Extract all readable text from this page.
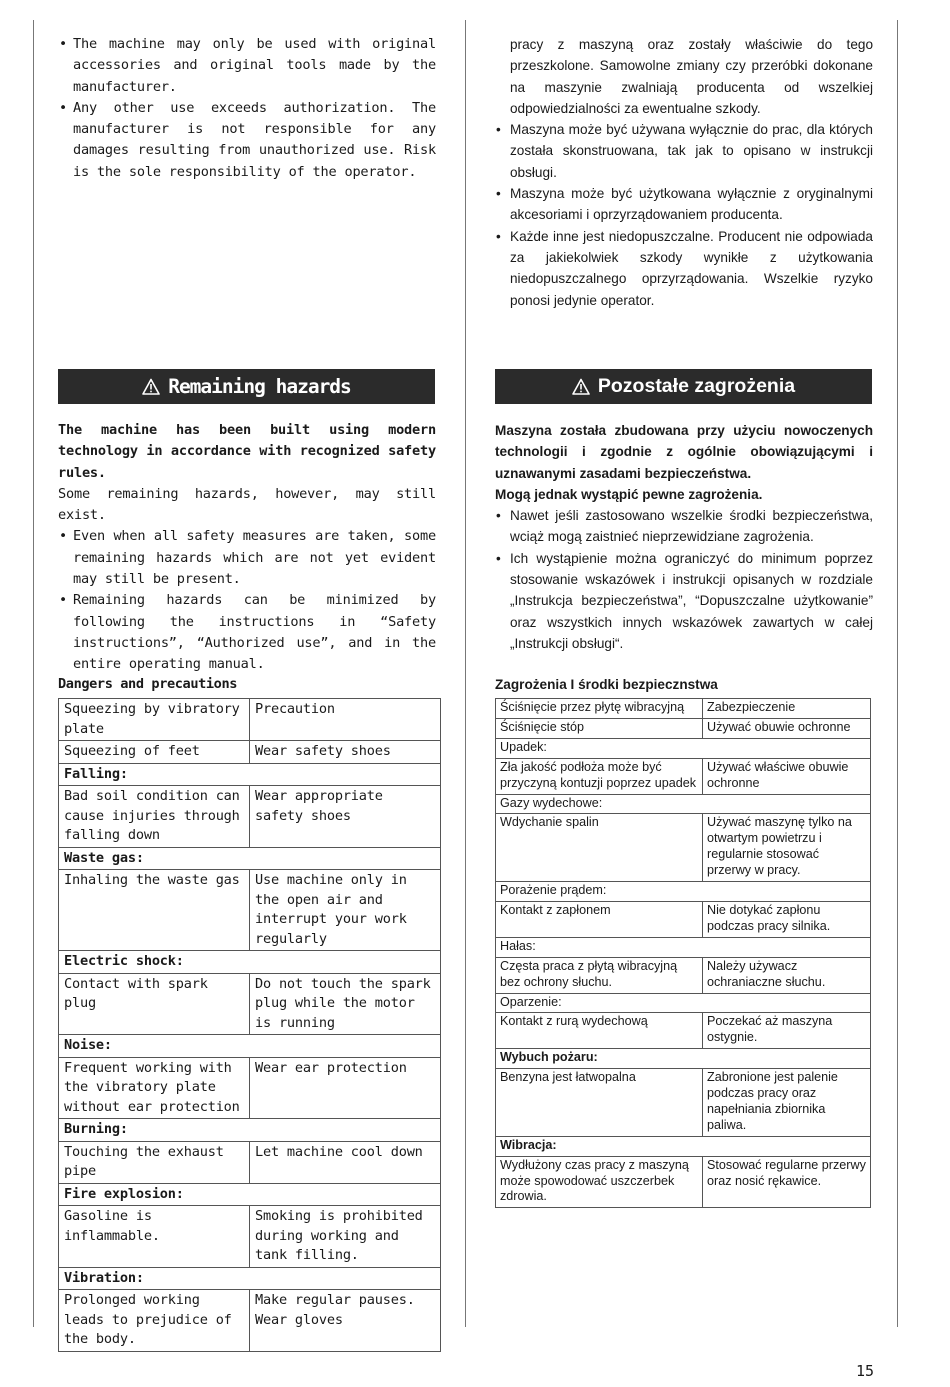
• The machine may only be used with original accessories and original tools made by the manufacturer.
• Any other use exceeds authorization. The manufacturer is not responsible for any damages resulting from unauthorized use. Risk is the sole responsibility of the operator.

pracy z maszyną oraz zostały właściwie do tego przeszkolone. Samowolne zmiany czy przeróbki dokonane na maszynie zwalniają producenta od wszelkiej odpowiedzialności za ewentualne szkody.

• Maszyna może być używana wyłącznie do prac, dla których została skonstruowana, tak jak to opisano w instrukcji obsługi.
• Maszyna może być użytkowana wyłącznie z oryginalnymi akcesoriami i oprzyrządowaniem producenta.
• Każde inne jest niedopuszczalne. Producent nie odpowiada za jakiekolwiek szkody wynikłe z użytkowania niedopuszczalnego oprzyrządowania. Wszelkie ryzyko ponosi jedynie operator.
Remaining hazards	Pozostałe zagrożenia

The machine has been built using modern technology in accordance with recognized safety rules.

Some remaining hazards, however, may still exist.

• Even when all safety measures are taken, some remaining hazards which are not yet evident may still be present.
• Remaining hazards can be minimized by following the instructions in “Safety instructions”, “Authorized use”, and in the entire operating manual.

Maszyna została zbudowana przy użyciu nowoczenych technologii i zgodnie z ogólnie obowiązującymi i uznawanymi zasadami bezpieczeństwa.

Mogą jednak wystąpić pewne zagrożenia.

• Nawet jeśli zastosowano wszelkie środki bezpieczeństwa, wciąż mogą zaistnieć nieprzewidziane zagrożenia.
• Ich wystąpienie można ograniczyć do minimum poprzez stosowanie wskazówek i instrukcji opisanych w rozdziale „Instrukcja bezpieczeństwa”, “Dopuszczalne użytkowanie” oraz wszystkich innych wskazówek zawartych w całej „Instrukcji obsługi“.
Dangers and precautions	Zagrożenia I środki bezpiecznstwa
Squeezing by vibratory plate	Precaution
Squeezing of feet	Wear safety shoes
Falling:	
Bad soil condition can cause injuries through falling down	Wear appropriate safety shoes
Waste gas:	
Inhaling the waste gas	Use machine only in the open air and interrupt your work regularly
Electric shock:	
Contact with spark plug	Do not touch the spark plug while the motor is running
Noise:	
Frequent working with the vibratory plate without ear protection	Wear ear protection
Burning:	
Touching the exhaust pipe	Let machine cool down
Fire explosion:	
Gasoline is inflammable.	Smoking is prohibited during working and tank filling.
Vibration:	
Prolonged working leads to prejudice of the body.	Make regular pauses. Wear gloves
Ściśnięcie przez płytę wibracyjną	Zabezpieczenie
Ściśnięcie stóp	Używać obuwie ochronne
Upadek:	
Zła jakość podłoża może być przyczyną kontuzji poprzez upadek	Używać właściwe obuwie ochronne
Gazy wydechowe:	
Wdychanie spalin	Używać maszynę tylko na otwartym powietrzu i regularnie stosować przerwy w pracy.
Porażenie prądem:	
Kontakt z zapłonem	Nie dotykać zapłonu podczas pracy silnika.
Hałas:	
Częsta praca z płytą wibracyjną bez ochrony słuchu.	Należy używacz ochraniaczne słuchu.
Oparzenie:	
Kontakt z rurą wydechową	Poczekać aż maszyna ostygnie.
Wybuch pożaru:	
Benzyna jest łatwopalna	Zabronione jest palenie podczas pracy oraz napełniania zbiornika paliwa.
Wibracja:	
Wydłużony czas pracy z maszyną może spowodować uszczerbek zdrowia.	Stosować regularne przerwy oraz nosić rękawice.
15
